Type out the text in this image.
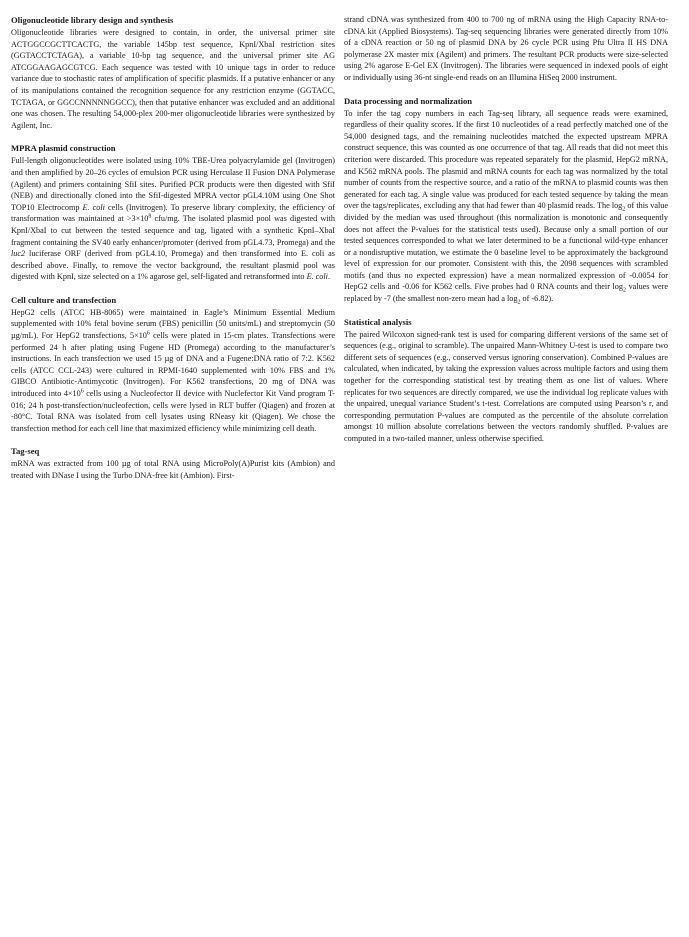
Oligonucleotide library design and synthesis

Oligonucleotide libraries were designed to contain, in order, the universal primer site ACTGGCCGCTTCACTG, the variable 145bp test sequence, KpnI/XbaI restriction sites (GGTACCTCTAGA), a variable 10-bp tag sequence, and the universal primer site AG ATCGGAAGAGCGTCG. Each sequence was tested with 10 unique tags in order to reduce variance due to stochastic rates of amplification of specific plasmids. If a putative enhancer or any of its manipulations contained the recognition sequence for any restriction enzyme (GGTACC, TCTAGA, or GGCCNNNNNGGCC), then that putative enhancer was excluded and an additional one was chosen. The resulting 54,000-plex 200-mer oligonucleotide libraries were synthesized by Agilent, Inc.

MPRA plasmid construction

Full-length oligonucleotides were isolated using 10% TBE-Urea polyacrylamide gel (Invitrogen) and then amplified by 20–26 cycles of emulsion PCR using Herculase II Fusion DNA Polymerase (Agilent) and primers containing SfiI sites. Purified PCR products were then digested with SfiI (NEB) and directionally cloned into the SfiI-digested MPRA vector pGL4.10M using One Shot TOP10 Electrocomp E. coli cells (Invitrogen). To preserve library complexity, the efficiency of transformation was maintained at $>3\times 10^8$ cfu/mg. The isolated plasmid pool was digested with KpnI/XbaI to cut between the tested sequence and tag, ligated with a synthetic KpnI–XbaI fragment containing the SV40 early enhancer/promoter (derived from pGL4.73, Promega) and the luc2 luciferase ORF (derived from pGL4.10, Promega) and then transformed into E. coli as described above. Finally, to remove the vector background, the resultant plasmid pool was digested with KpnI, size selected on a 1% agarose gel, self-ligated and retransformed into E. coli.

Cell culture and transfection

HepG2 cells (ATCC HB-8065) were maintained in Eagle’s Minimum Essential Medium supplemented with 10% fetal bovine serum (FBS) penicillin (50 units/mL) and streptomycin (50 µg/mL). For HepG2 transfections, $5\times 10^6$ cells were plated in 15-cm plates. Transfections were performed 24 h after plating using Fugene HD (Promega) according to the manufacturer’s instructions. In each transfection we used 15 µg of DNA and a Fugene:DNA ratio of 7:2. K562 cells (ATCC CCL-243) were cultured in RPMI-1640 supplemented with 10% FBS and 1% GIBCO Antibiotic-Antimycotic (Invitrogen). For K562 transfections, 20 mg of DNA was introduced into $4\times 10^6$ cells using a Nucleofector II device with Nuclefector Kit Vand program T-016; 24 h post-transfection/nucleofection, cells were lysed in RLT buffer (Qiagen) and frozen at -80°C. Total RNA was isolated from cell lysates using RNeasy kit (Qiagen). We chose the transfection method for each cell line that maximized efficiency while minimizing cell death.

Tag-seq

mRNA was extracted from 100 µg of total RNA using MicroPoly(A)Purist kits (Ambion) and treated with DNase I using the Turbo DNA-free kit (Ambion). First-

strand cDNA was synthesized from 400 to 700 ng of mRNA using the High Capacity RNA-to-cDNA kit (Applied Biosystems). Tag-seq sequencing libraries were generated directly from 10% of a cDNA reaction or 50 ng of plasmid DNA by 26 cycle PCR using Pfu Ultra II HS DNA polymerase 2X master mix (Agilent) and primers. The resultant PCR products were size-selected using 2% agarose E-Gel EX (Invitrogen). The libraries were sequenced in indexed pools of eight or individually using 36-nt single-end reads on an Illumina HiSeq 2000 instrument.

Data processing and normalization

To infer the tag copy numbers in each Tag-seq library, all sequence reads were examined, regardless of their quality scores. If the first 10 nucleotides of a read perfectly matched one of the 54,000 designed tags, and the remaining nucleotides matched the expected upstream MPRA construct sequence, this was counted as one occurrence of that tag. All reads that did not meet this criterion were discarded. This procedure was repeated separately for the plasmid, HepG2 mRNA, and K562 mRNA pools. The plasmid and mRNA counts for each tag was normalized by the total number of counts from the respective source, and a ratio of the mRNA to plasmid counts was then generated for each tag. A single value was produced for each tested sequence by taking the mean over the tags/replicates, excluding any that had fewer than 40 plasmid reads. The $\log_2$ of this value divided by the median was used throughout (this normalization is monotonic and consequently does not affect the P-values for the statistical tests used). Because only a small portion of our tested sequences corresponded to what we later determined to be a functional wild-type enhancer or a nondisruptive mutation, we estimate the 0 baseline level to be approximately the background level of expression for our promoter. Consistent with this, the 2098 sequences with scrambled motifs (and thus no expected expression) have a mean normalized expression of -0.0054 for HepG2 cells and -0.06 for K562 cells. Five probes had 0 RNA counts and their $\log_2$ values were replaced by -7 (the smallest non-zero mean had a $\log_2$ of -6.82).

Statistical analysis

The paired Wilcoxon signed-rank test is used for comparing different versions of the same set of sequences (e.g., original to scramble). The unpaired Mann-Whitney U-test is used to compare two different sets of sequences (e.g., conserved versus ignoring conservation). Combined P-values are calculated, when indicated, by taking the expression values across multiple factors and using them together for the corresponding statistical test by treating them as one list of values. Where replicates for two sequences are directly compared, we use the individual log replicate values with the unpaired, unequal variance Student’s t-test. Correlations are computed using Pearson’s r, and corresponding permutation P-values are computed as the percentile of the absolute correlation amongst 10 million absolute correlations between the vectors randomly shuffled. P-values are computed in a two-tailed manner, unless otherwise specified.
